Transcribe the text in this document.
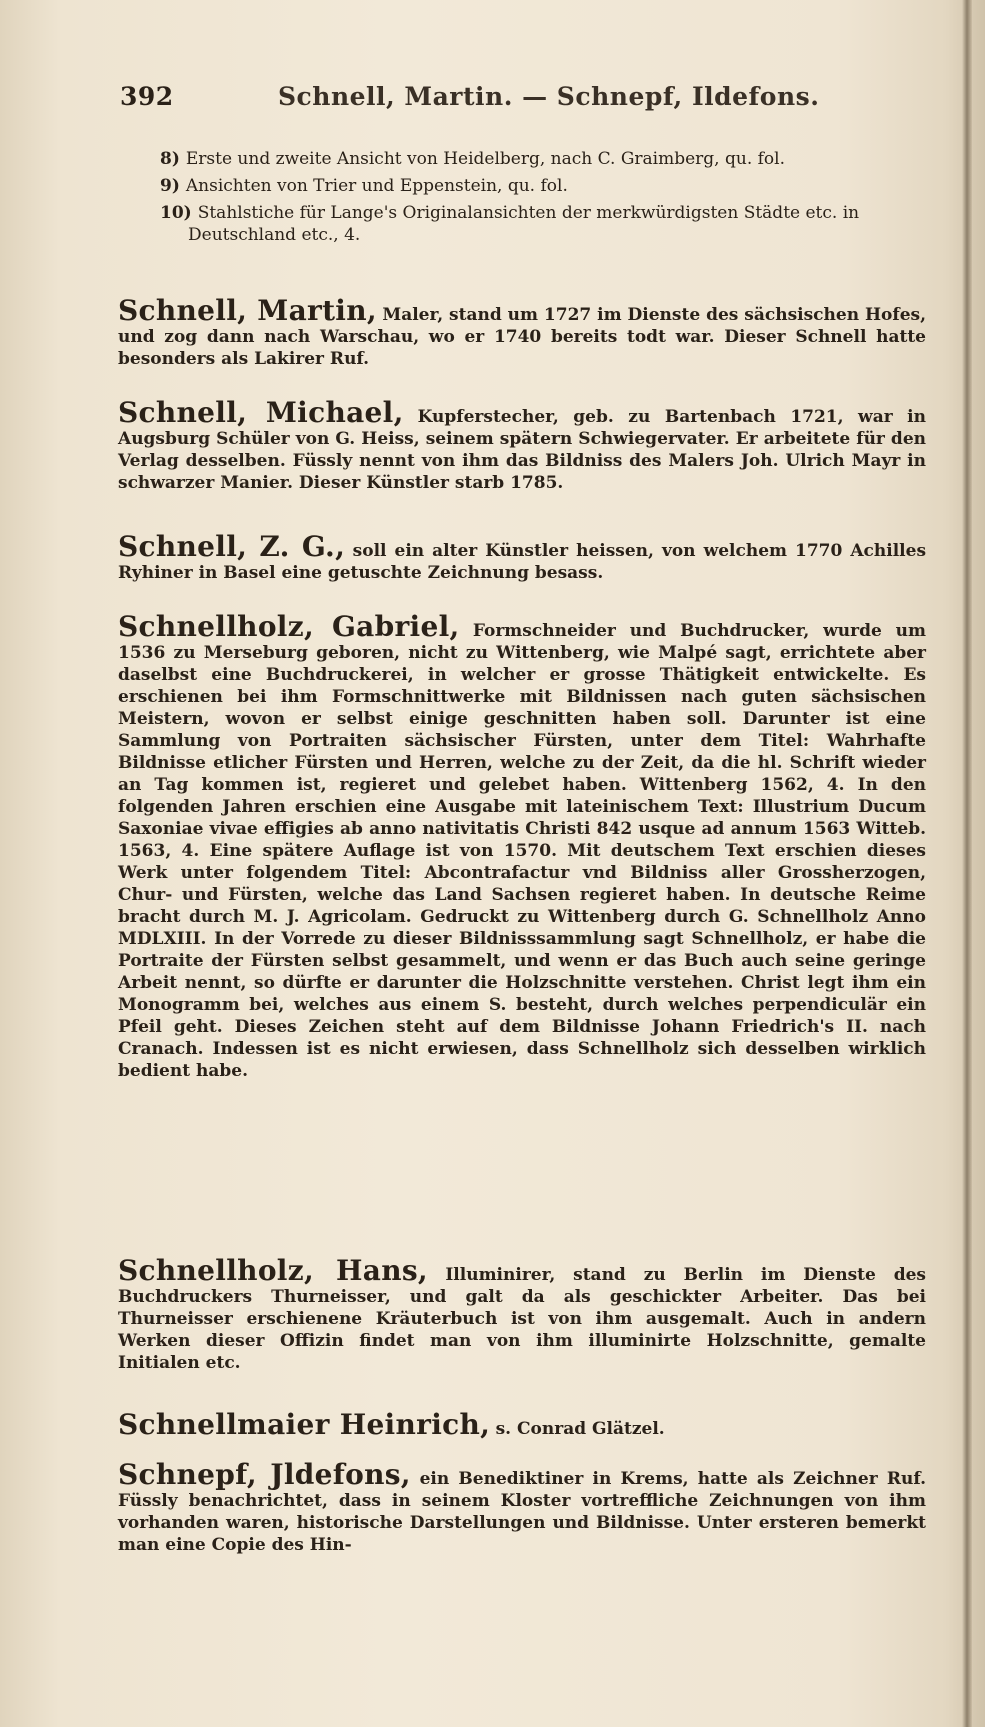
392	Schnell, Martin. — Schnepf, Ildefons.

8) Erste und zweite Ansicht von Heidelberg, nach C. Graimberg, qu. fol.

9) Ansichten von Trier und Eppenstein, qu. fol.

10) Stahlstiche für Lange's Originalansichten der merkwürdigsten Städte etc. in Deutschland etc., 4.

Schnell, Martin, Maler, stand um 1727 im Dienste des sächsischen Hofes, und zog dann nach Warschau, wo er 1740 bereits todt war. Dieser Schnell hatte besonders als Lakirer Ruf.

Schnell, Michael, Kupferstecher, geb. zu Bartenbach 1721, war in Augsburg Schüler von G. Heiss, seinem spätern Schwiegervater. Er arbeitete für den Verlag desselben. Füssly nennt von ihm das Bildniss des Malers Joh. Ulrich Mayr in schwarzer Manier. Dieser Künstler starb 1785.

Schnell, Z. G., soll ein alter Künstler heissen, von welchem 1770 Achilles Ryhiner in Basel eine getuschte Zeichnung besass.

Schnellholz, Gabriel, Formschneider und Buchdrucker, wurde um 1536 zu Merseburg geboren, nicht zu Wittenberg, wie Malpé sagt, errichtete aber daselbst eine Buchdruckerei, in welcher er grosse Thätigkeit entwickelte. Es erschienen bei ihm Formschnittwerke mit Bildnissen nach guten sächsischen Meistern, wovon er selbst einige geschnitten haben soll. Darunter ist eine Sammlung von Portraiten sächsischer Fürsten, unter dem Titel: Wahrhafte Bildnisse etlicher Fürsten und Herren, welche zu der Zeit, da die hl. Schrift wieder an Tag kommen ist, regieret und gelebet haben. Wittenberg 1562, 4. In den folgenden Jahren erschien eine Ausgabe mit lateinischem Text: Illustrium Ducum Saxoniae vivae effigies ab anno nativitatis Christi 842 usque ad annum 1563 Witteb. 1563, 4. Eine spätere Auflage ist von 1570. Mit deutschem Text erschien dieses Werk unter folgendem Titel: Abcontrafactur vnd Bildniss aller Grossherzogen, Chur- und Fürsten, welche das Land Sachsen regieret haben. In deutsche Reime bracht durch M. J. Agricolam. Gedruckt zu Wittenberg durch G. Schnellholz Anno MDLXIII. In der Vorrede zu dieser Bildnisssammlung sagt Schnellholz, er habe die Portraite der Fürsten selbst gesammelt, und wenn er das Buch auch seine geringe Arbeit nennt, so dürfte er darunter die Holzschnitte verstehen. Christ legt ihm ein Monogramm bei, welches aus einem S. besteht, durch welches perpendiculär ein Pfeil geht. Dieses Zeichen steht auf dem Bildnisse Johann Friedrich's II. nach Cranach. Indessen ist es nicht erwiesen, dass Schnellholz sich desselben wirklich bedient habe.

Schnellholz, Hans, Illuminirer, stand zu Berlin im Dienste des Buchdruckers Thurneisser, und galt da als geschickter Arbeiter. Das bei Thurneisser erschienene Kräuterbuch ist von ihm ausgemalt. Auch in andern Werken dieser Offizin findet man von ihm illuminirte Holzschnitte, gemalte Initialen etc.

Schnellmaier Heinrich, s. Conrad Glätzel.

Schnepf, Jldefons, ein Benediktiner in Krems, hatte als Zeichner Ruf. Füssly benachrichtet, dass in seinem Kloster vortreffliche Zeichnungen von ihm vorhanden waren, historische Darstellungen und Bildnisse. Unter ersteren bemerkt man eine Copie des Hin-
